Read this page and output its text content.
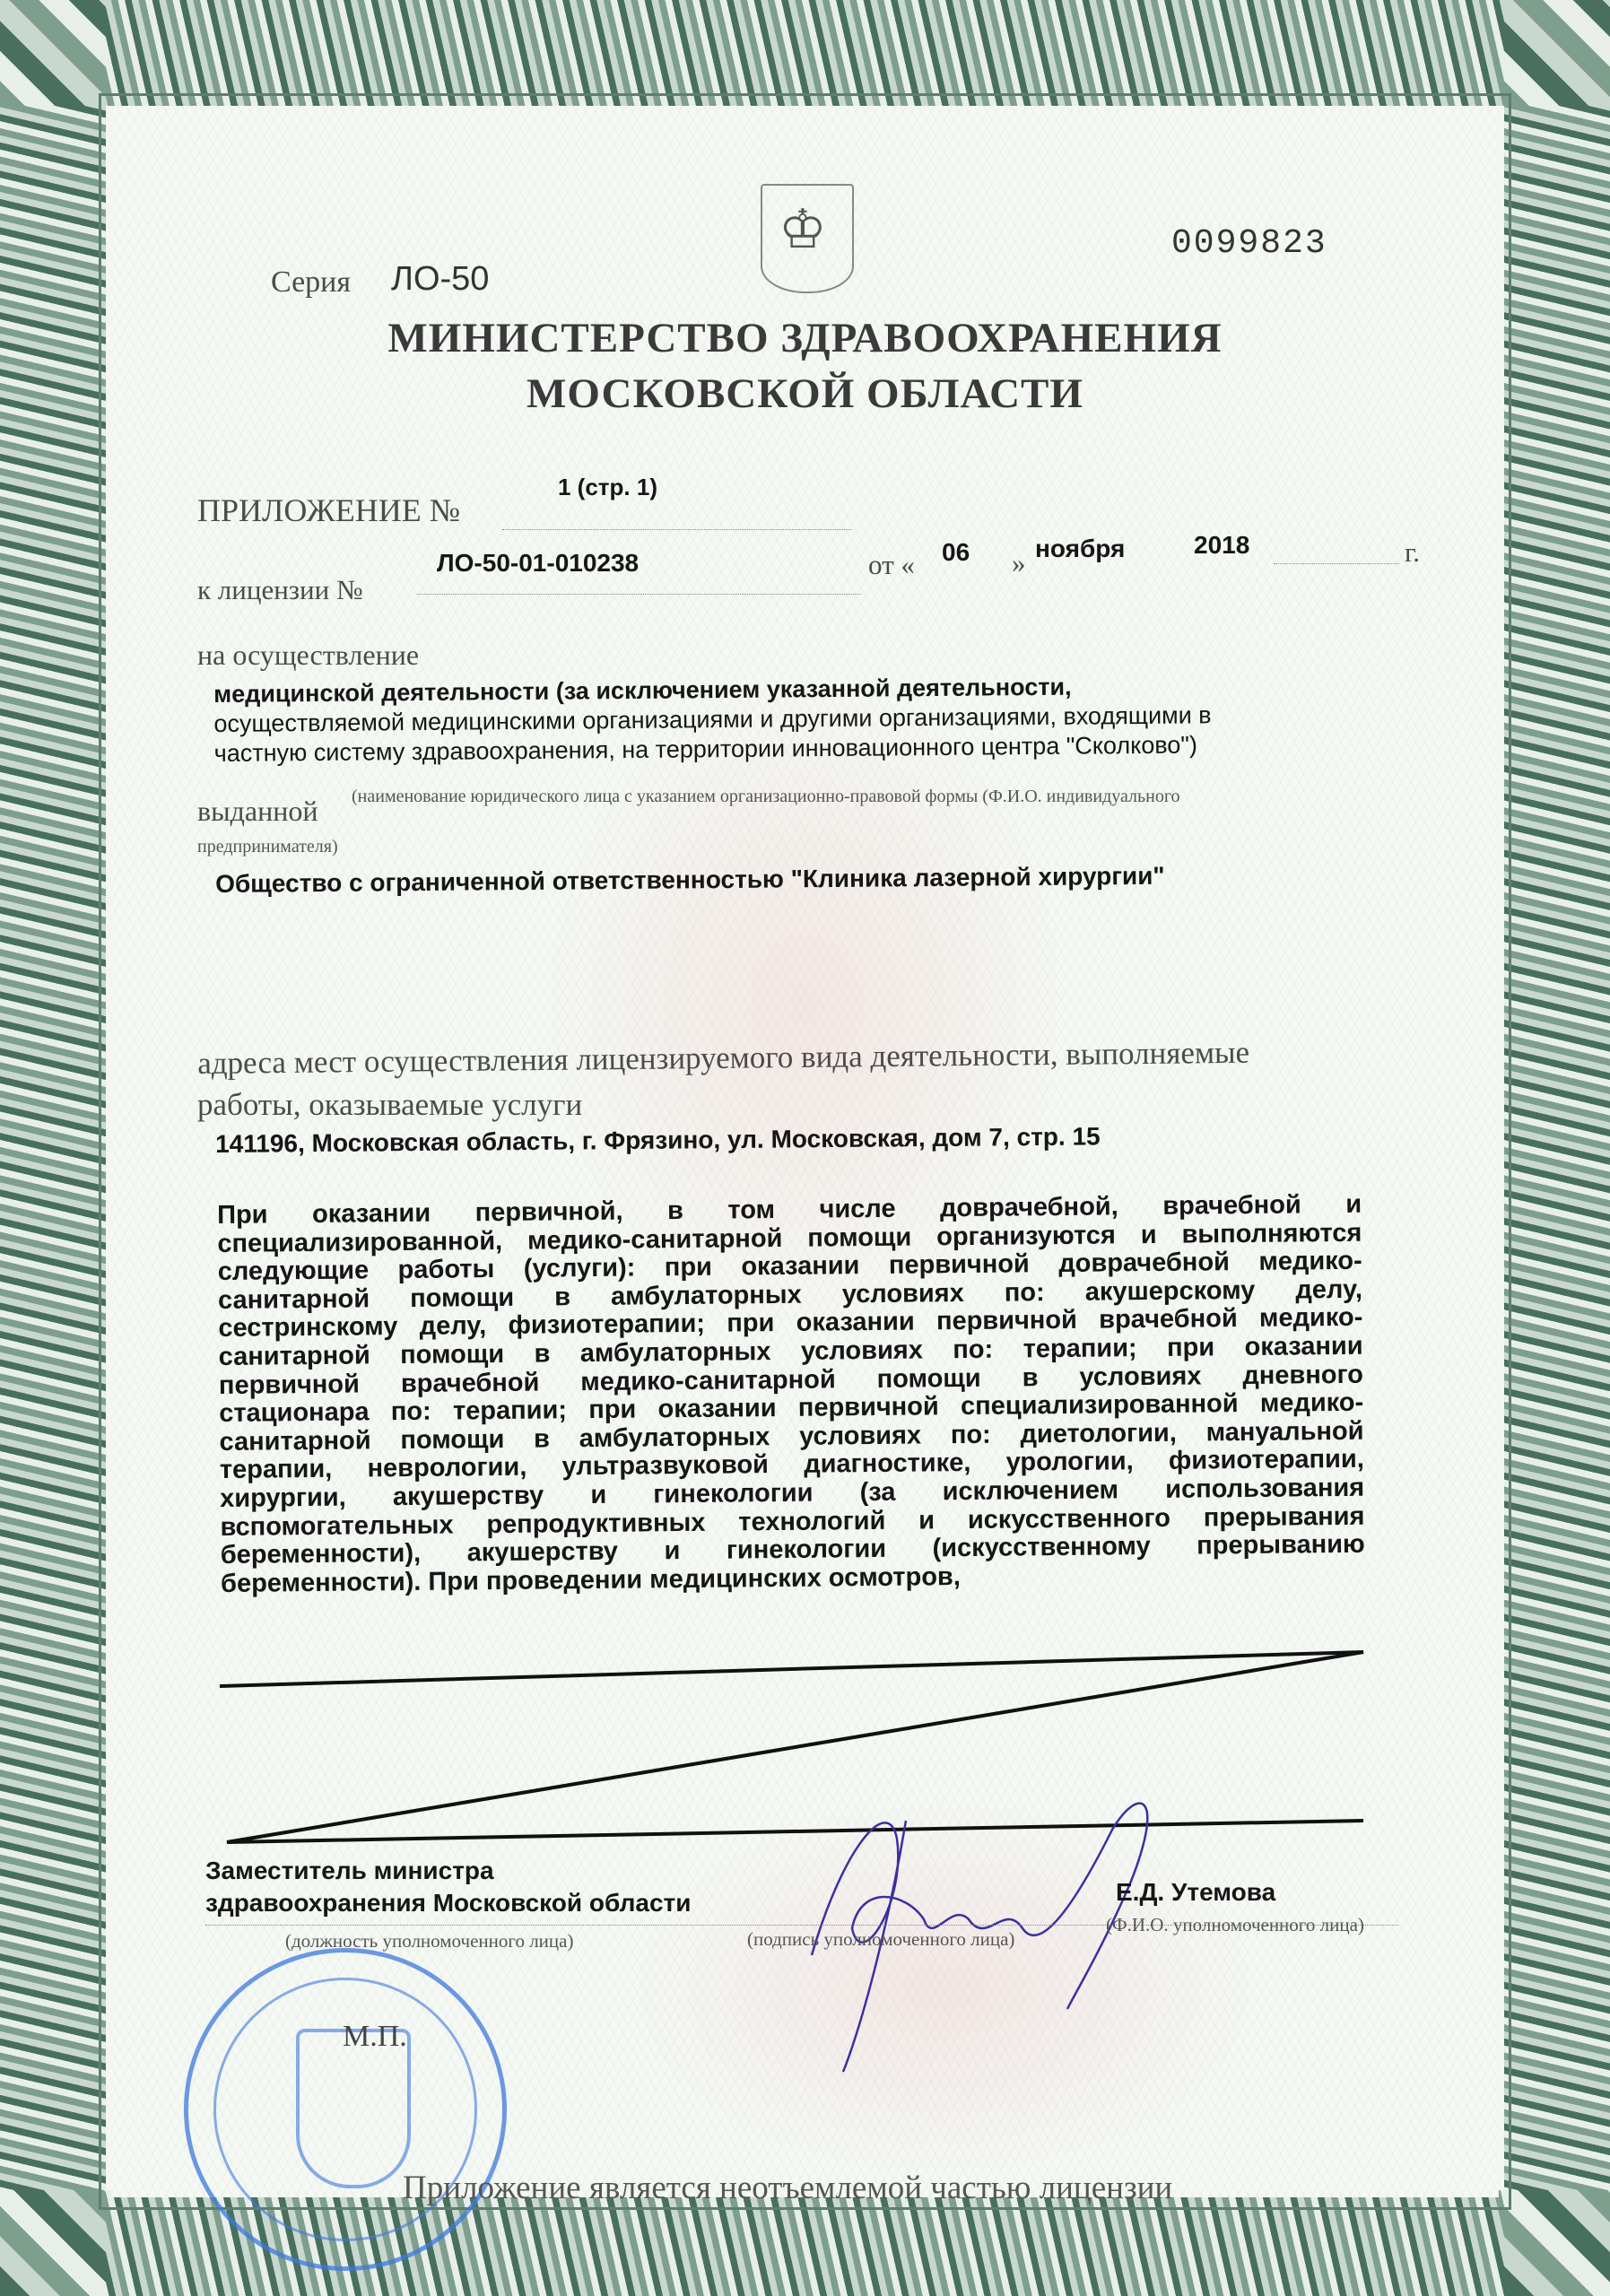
♔
Серия ЛО-50
0099823
МИНИСТЕРСТВО ЗДРАВООХРАНЕНИЯ
МОСКОВСКОЙ ОБЛАСТИ
ПРИЛОЖЕНИЕ №
1 (стр. 1)
к лицензии №
ЛО-50-01-010238	от « 06 » ноября	2018	г.
на осуществление
медицинской деятельности (за исключением указанной деятельности,
осуществляемой медицинскими организациями и другими организациями, входящими в
частную систему здравоохранения, на территории инновационного центра "Сколково")
выданной (наименование юридического лица с указанием организационно-правовой формы (Ф.И.О. индивидуального
предпринимателя)
Общество с ограниченной ответственностью "Клиника лазерной хирургии"
адреса мест осуществления лицензируемого вида деятельности, выполняемые
работы, оказываемые услуги
141196, Московская область, г. Фрязино, ул. Московская, дом 7, стр. 15
При оказании первичной, в том числе доврачебной, врачебной и
специализированной, медико-санитарной помощи организуются и выполняются
следующие работы (услуги): при оказании первичной доврачебной медико-
санитарной помощи в амбулаторных условиях по: акушерскому делу,
сестринскому делу, физиотерапии; при оказании первичной врачебной медико-
санитарной помощи в амбулаторных условиях по: терапии; при оказании
первичной врачебной медико-санитарной помощи в условиях дневного
стационара по: терапии; при оказании первичной специализированной медико-
санитарной помощи в амбулаторных условиях по: диетологии, мануальной
терапии, неврологии, ультразвуковой диагностике, урологии, физиотерапии,
хирургии, акушерству и гинекологии (за исключением использования
вспомогательных репродуктивных технологий и искусственного прерывания
беременности), акушерству и гинекологии (искусственному прерыванию
беременности). При проведении медицинских осмотров,
Заместитель министра
здравоохранения Московской области
(должность уполномоченного лица)	(подпись уполномоченного лица)
Е.Д. Утемова
(Ф.И.О. уполномоченного лица)
М.П.
Приложение является неотъемлемой частью лицензии
